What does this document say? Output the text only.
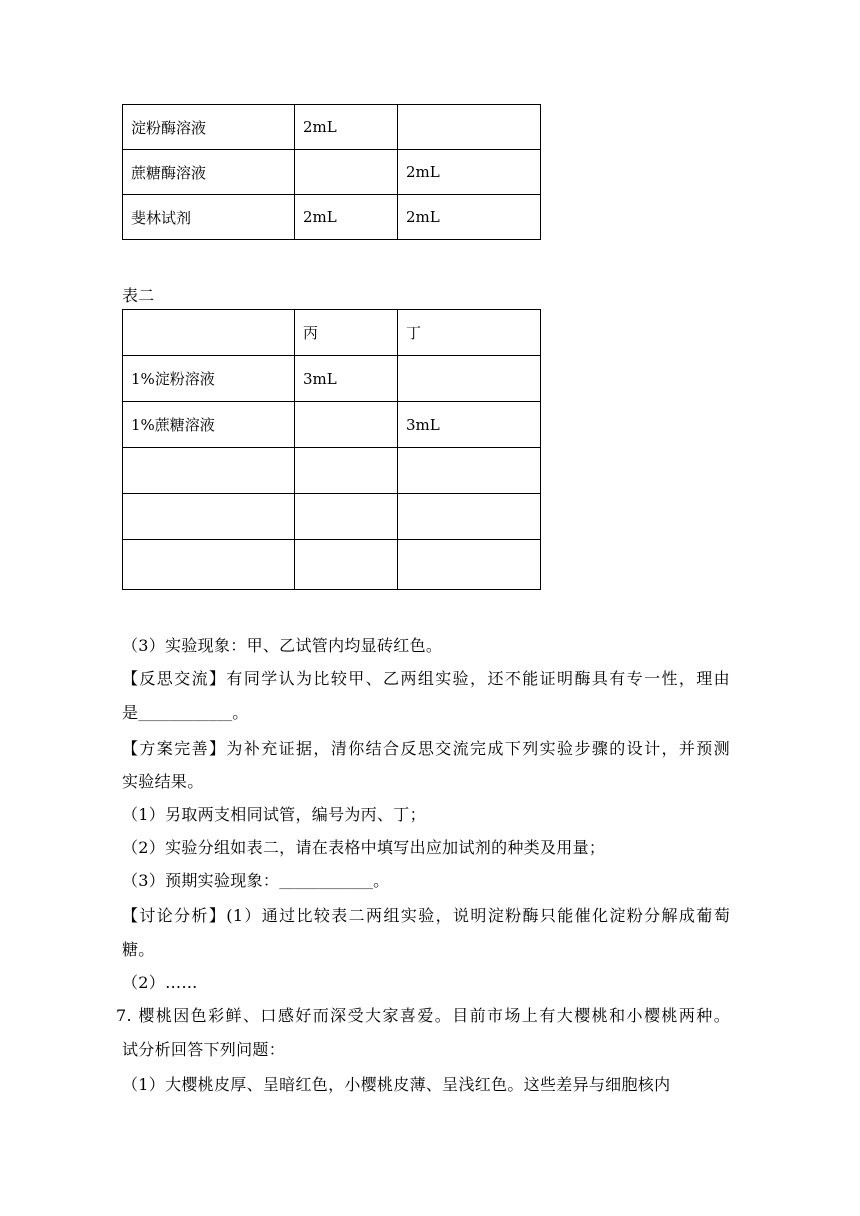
淀粉酶溶液	2mL	
蔗糖酶溶液		2mL
斐林试剂	2mL	2mL
表二
	丙	丁
1%淀粉溶液	3mL	
1%蔗糖溶液		3mL

（3）实验现象：甲、乙试管内均显砖红色。
【反思交流】有同学认为比较甲、乙两组实验，还不能证明酶具有专一性，理由
是____________。
【方案完善】为补充证据，清你结合反思交流完成下列实验步骤的设计，并预测
实验结果。
（1）另取两支相同试管，编号为丙、丁；
（2）实验分组如表二，请在表格中填写出应加试剂的种类及用量；
（3）预期实验现象：____________。
【讨论分析】(1）通过比较表二两组实验，说明淀粉酶只能催化淀粉分解成葡萄
糖。
（2）……
7. 樱桃因色彩鲜、口感好而深受大家喜爱。目前市场上有大樱桃和小樱桃两种。
试分析回答下列问题：
（1）大樱桃皮厚、呈暗红色，小樱桃皮薄、呈浅红色。这些差异与细胞核内
